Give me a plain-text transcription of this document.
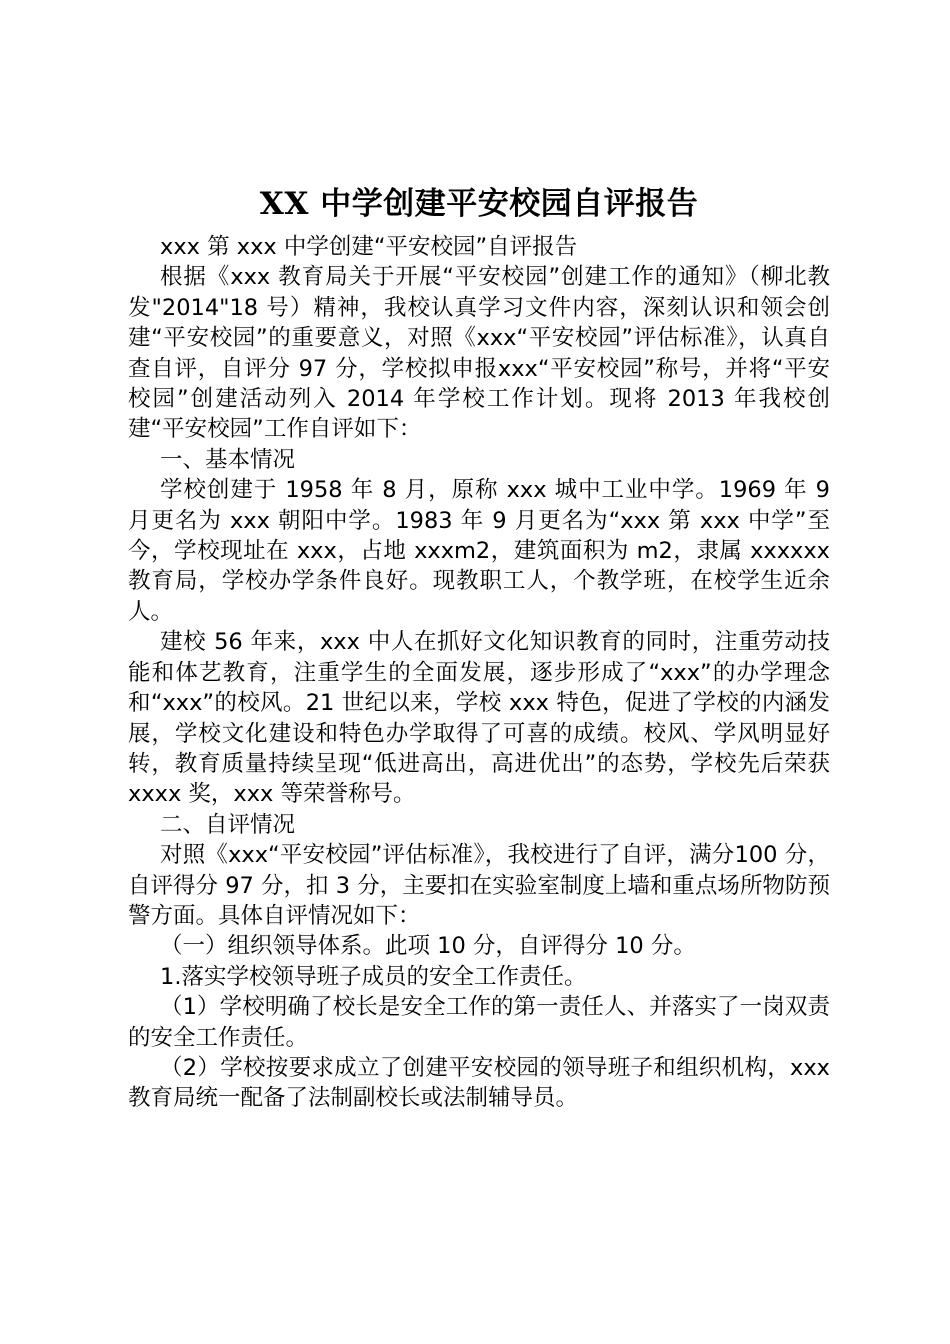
XX 中学创建平安校园自评报告

xxx 第 xxx 中学创建“平安校园”自评报告

根据《xxx 教育局关于开展“平安校园”创建工作的通知》（柳北教发"2014"18 号）精神，我校认真学习文件内容，深刻认识和领会创建“平安校园”的重要意义，对照《xxx“平安校园”评估标准》，认真自查自评，自评分 97 分，学校拟申报xxx“平安校园”称号，并将“平安校园”创建活动列入 2014 年学校工作计划。现将 2013 年我校创建“平安校园”工作自评如下：

一、基本情况

学校创建于 1958 年 8 月，原称 xxx 城中工业中学。1969 年 9 月更名为 xxx 朝阳中学。1983 年 9 月更名为“xxx 第 xxx 中学”至今，学校现址在 xxx，占地 xxxm2，建筑面积为 m2，隶属 xxxxxx 教育局，学校办学条件良好。现教职工人，个教学班，在校学生近余人。

建校 56 年来，xxx 中人在抓好文化知识教育的同时，注重劳动技能和体艺教育，注重学生的全面发展，逐步形成了“xxx”的办学理念和“xxx”的校风。21 世纪以来，学校 xxx 特色，促进了学校的内涵发展，学校文化建设和特色办学取得了可喜的成绩。校风、学风明显好转，教育质量持续呈现“低进高出，高进优出”的态势，学校先后荣获 xxxx 奖，xxx 等荣誉称号。

二、自评情况

对照《xxx“平安校园”评估标准》，我校进行了自评，满分100 分，自评得分 97 分，扣 3 分，主要扣在实验室制度上墙和重点场所物防预警方面。具体自评情况如下：

（一）组织领导体系。此项 10 分，自评得分 10 分。

1.落实学校领导班子成员的安全工作责任。

（1）学校明确了校长是安全工作的第一责任人、并落实了一岗双责的安全工作责任。

（2）学校按要求成立了创建平安校园的领导班子和组织机构，xxx 教育局统一配备了法制副校长或法制辅导员。
